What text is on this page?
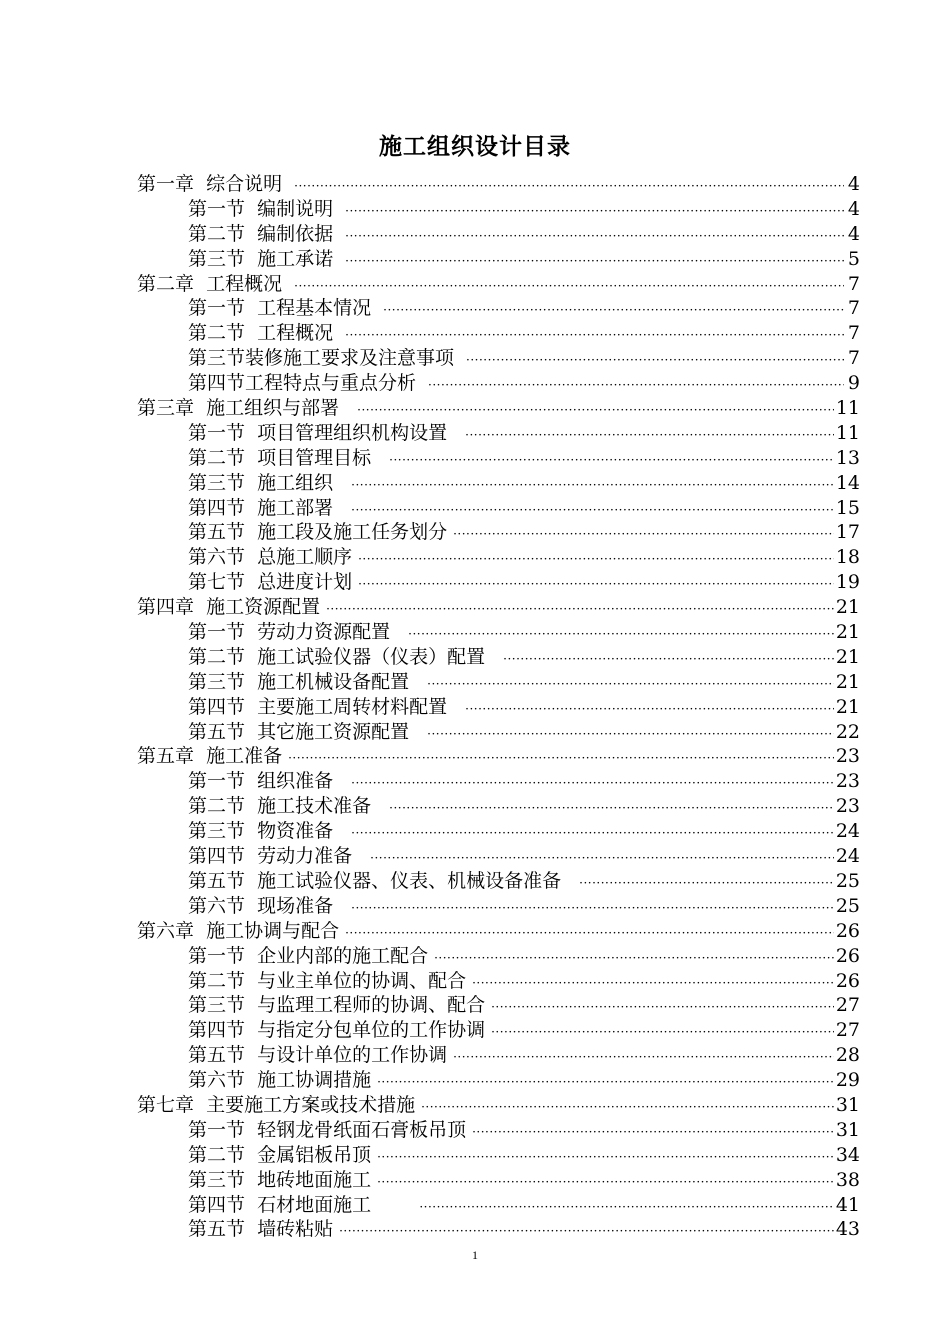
施工组织设计目录
第一章  综合说明 ·····	4
第一节  编制说明 ·····	4
第二节  编制依据 ·····	4
第三节  施工承诺 ·····	5
第二章  工程概况 ·····	7
第一节  工程基本情况 ·····	7
第二节  工程概况 ·····	7
第三节装修施工要求及注意事项 ·····	7
第四节工程特点与重点分析 ·····	9
第三章  施工组织与部署 ·····	11
第一节  项目管理组织机构设置 ·····	11
第二节  项目管理目标 ·····	13
第三节  施工组织 ·····	14
第四节  施工部署 ·····	15
第五节  施工段及施工任务划分 ·····	17
第六节  总施工顺序 ·····	18
第七节  总进度计划 ·····	19
第四章  施工资源配置 ·····	21
第一节  劳动力资源配置 ·····	21
第二节  施工试验仪器（仪表）配置 ·····	21
第三节  施工机械设备配置 ·····	21
第四节  主要施工周转材料配置 ·····	21
第五节  其它施工资源配置 ·····	22
第五章  施工准备 ·····	23
第一节  组织准备 ·····	23
第二节  施工技术准备 ·····	23
第三节  物资准备 ·····	24
第四节  劳动力准备 ·····	24
第五节  施工试验仪器、仪表、机械设备准备 ·····	25
第六节  现场准备 ·····	25
第六章  施工协调与配合 ·····	26
第一节  企业内部的施工配合 ·····	26
第二节  与业主单位的协调、配合 ·····	26
第三节  与监理工程师的协调、配合 ·····	27
第四节  与指定分包单位的工作协调 ·····	27
第五节  与设计单位的工作协调 ·····	28
第六节  施工协调措施 ·····	29
第七章  主要施工方案或技术措施 ·····	31
第一节  轻钢龙骨纸面石膏板吊顶 ·····	31
第二节  金属铝板吊顶 ·····	34
第三节  地砖地面施工 ·····	38
第四节  石材地面施工 ·····	41
第五节  墙砖粘贴 ·····	43
1
